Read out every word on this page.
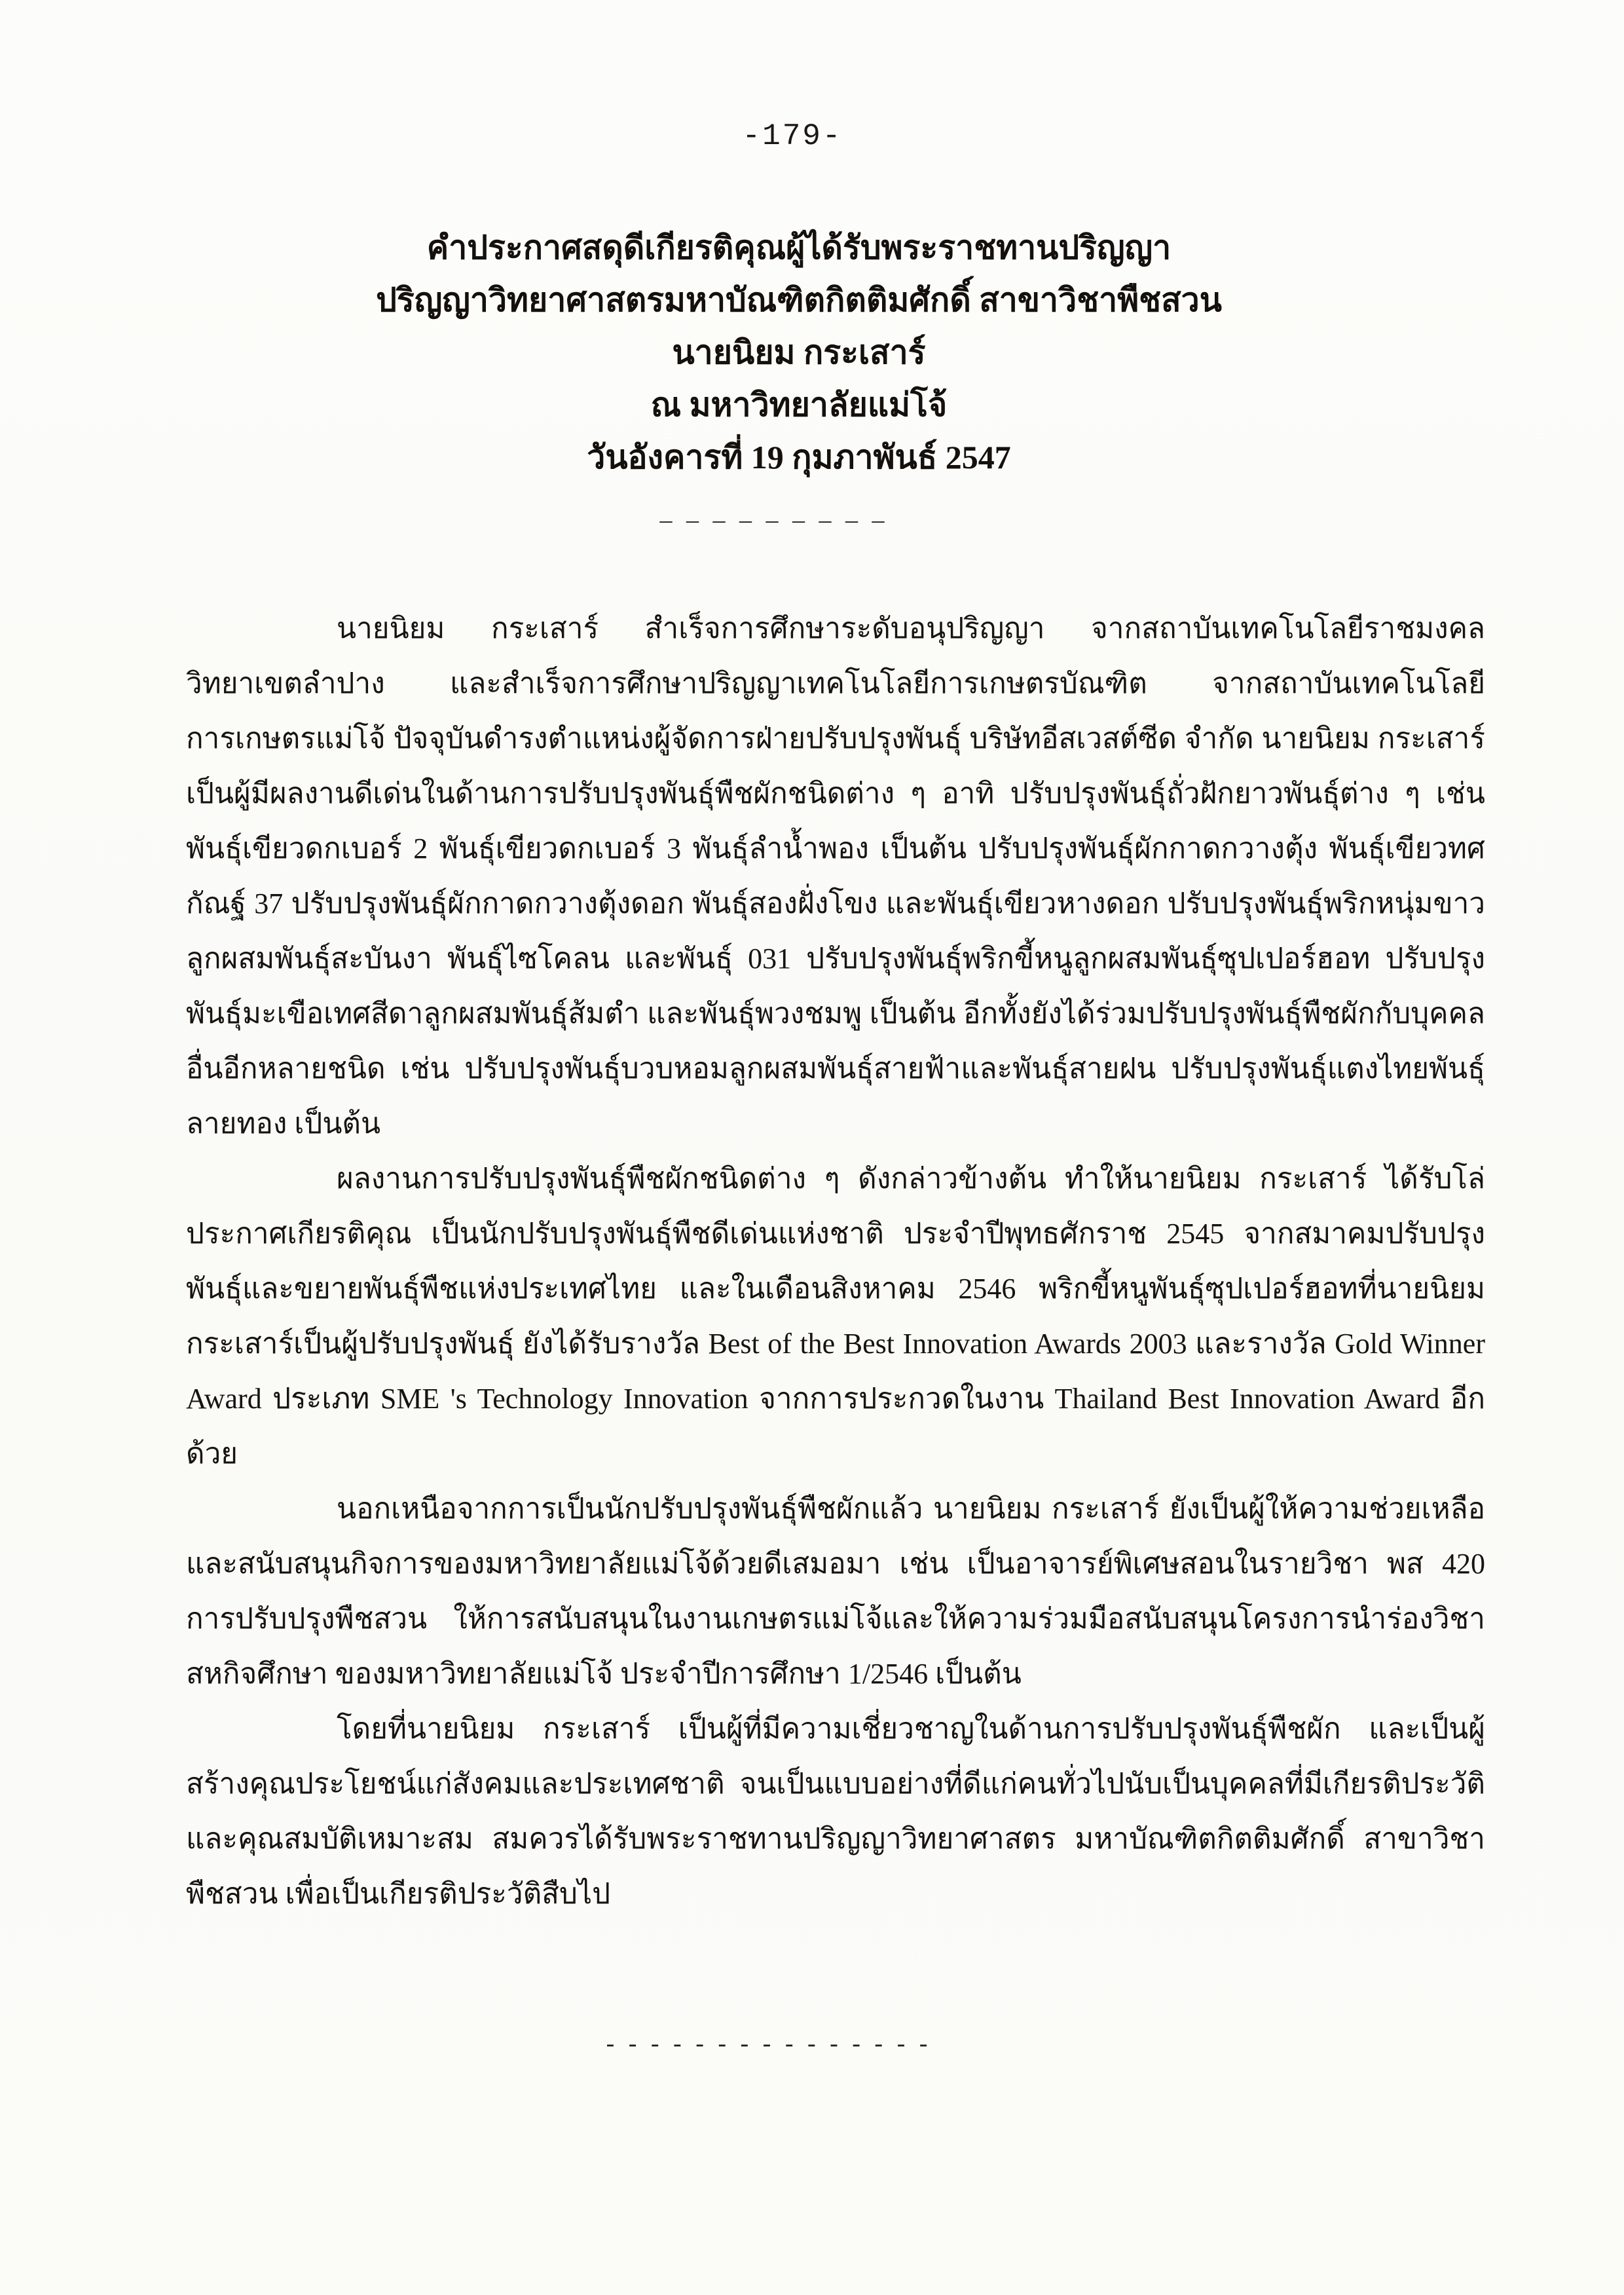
-179-
คำประกาศสดุดีเกียรติคุณผู้ได้รับพระราชทานปริญญา
ปริญญาวิทยาศาสตรมหาบัณฑิตกิตติมศักดิ์ สาขาวิชาพืชสวน
นายนิยม กระเสาร์
ณ มหาวิทยาลัยแม่โจ้
วันอังคารที่ 19 กุมภาพันธ์ 2547
– – – – – – – – –

นายนิยม กระเสาร์ สำเร็จการศึกษาระดับอนุปริญญา จากสถาบันเทคโนโลยีราชมงคล วิทยาเขตลำปาง และสำเร็จการศึกษาปริญญาเทคโนโลยีการเกษตรบัณฑิต จากสถาบันเทคโนโลยีการเกษตรแม่โจ้ ปัจจุบันดำรงตำแหน่งผู้จัดการฝ่ายปรับปรุงพันธุ์ บริษัทอีสเวสต์ซีด จำกัด นายนิยม กระเสาร์ เป็นผู้มีผลงานดีเด่นในด้านการปรับปรุงพันธุ์พืชผักชนิดต่าง ๆ อาทิ ปรับปรุงพันธุ์ถั่วฝักยาวพันธุ์ต่าง ๆ เช่น พันธุ์เขียวดกเบอร์ 2 พันธุ์เขียวดกเบอร์ 3 พันธุ์ลำน้ำพอง เป็นต้น ปรับปรุงพันธุ์ผักกาดกวางตุ้ง พันธุ์เขียวทศกัณฐ์ 37 ปรับปรุงพันธุ์ผักกาดกวางตุ้งดอก พันธุ์สองฝั่งโขง และพันธุ์เขียวหางดอก ปรับปรุงพันธุ์พริกหนุ่มขาวลูกผสมพันธุ์สะบันงา พันธุ์ไซโคลน และพันธุ์ 031 ปรับปรุงพันธุ์พริกขี้หนูลูกผสมพันธุ์ซุปเปอร์ฮอท ปรับปรุงพันธุ์มะเขือเทศสีดาลูกผสมพันธุ์ส้มตำ และพันธุ์พวงชมพู เป็นต้น อีกทั้งยังได้ร่วมปรับปรุงพันธุ์พืชผักกับบุคคลอื่นอีกหลายชนิด เช่น ปรับปรุงพันธุ์บวบหอมลูกผสมพันธุ์สายฟ้าและพันธุ์สายฝน ปรับปรุงพันธุ์แตงไทยพันธุ์ลายทอง เป็นต้น

ผลงานการปรับปรุงพันธุ์พืชผักชนิดต่าง ๆ ดังกล่าวข้างต้น ทำให้นายนิยม กระเสาร์ ได้รับโล่ประกาศเกียรติคุณ เป็นนักปรับปรุงพันธุ์พืชดีเด่นแห่งชาติ ประจำปีพุทธศักราช 2545 จากสมาคมปรับปรุงพันธุ์และขยายพันธุ์พืชแห่งประเทศไทย และในเดือนสิงหาคม 2546 พริกขี้หนูพันธุ์ซุปเปอร์ฮอทที่นายนิยม กระเสาร์เป็นผู้ปรับปรุงพันธุ์ ยังได้รับรางวัล Best of the Best Innovation Awards 2003 และรางวัล Gold Winner Award ประเภท SME 's Technology Innovation จากการประกวดในงาน Thailand Best Innovation Award อีกด้วย

นอกเหนือจากการเป็นนักปรับปรุงพันธุ์พืชผักแล้ว นายนิยม กระเสาร์ ยังเป็นผู้ให้ความช่วยเหลือและสนับสนุนกิจการของมหาวิทยาลัยแม่โจ้ด้วยดีเสมอมา เช่น เป็นอาจารย์พิเศษสอนในรายวิชา พส 420 การปรับปรุงพืชสวน ให้การสนับสนุนในงานเกษตรแม่โจ้และให้ความร่วมมือสนับสนุนโครงการนำร่องวิชาสหกิจศึกษา ของมหาวิทยาลัยแม่โจ้ ประจำปีการศึกษา 1/2546 เป็นต้น

โดยที่นายนิยม กระเสาร์ เป็นผู้ที่มีความเชี่ยวชาญในด้านการปรับปรุงพันธุ์พืชผัก และเป็นผู้สร้างคุณประโยชน์แก่สังคมและประเทศชาติ จนเป็นแบบอย่างที่ดีแก่คนทั่วไปนับเป็นบุคคลที่มีเกียรติประวัติและคุณสมบัติเหมาะสม สมควรได้รับพระราชทานปริญญาวิทยาศาสตร มหาบัณฑิตกิตติมศักดิ์ สาขาวิชาพืชสวน เพื่อเป็นเกียรติประวัติสืบไป

- - - - - - - - - - - - - - -
